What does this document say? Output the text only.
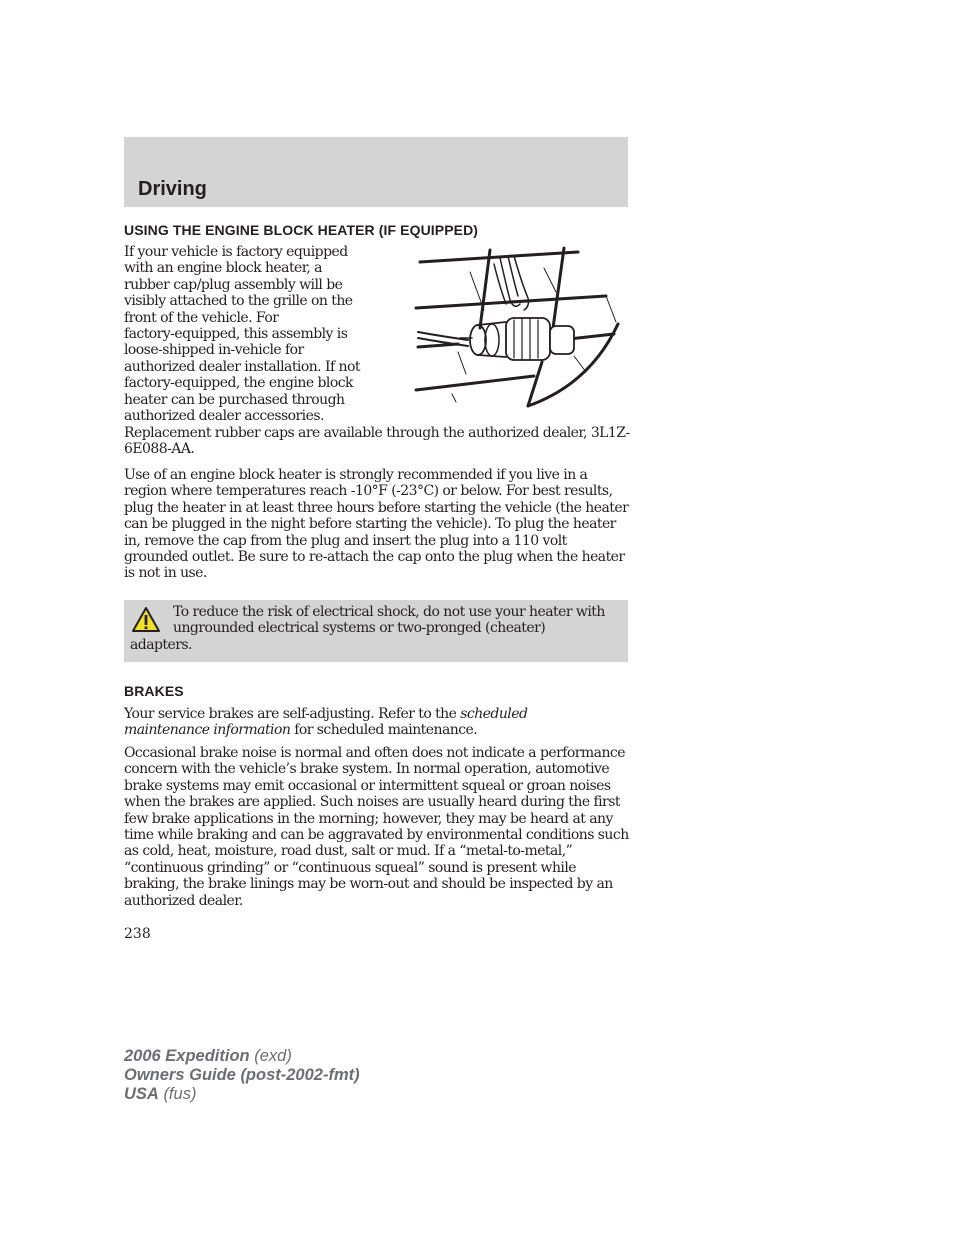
Driving
USING THE ENGINE BLOCK HEATER (IF EQUIPPED)

If your vehicle is factory equipped
with an engine block heater, a
rubber cap/plug assembly will be
visibly attached to the grille on the
front of the vehicle. For
factory-equipped, this assembly is
loose-shipped in-vehicle for
authorized dealer installation. If not
factory-equipped, the engine block
heater can be purchased through
authorized dealer accessories.

Replacement rubber caps are available through the authorized dealer, 3L1Z-6E088-AA.

Use of an engine block heater is strongly recommended if you live in a region where temperatures reach -10°F (-23°C) or below. For best results, plug the heater in at least three hours before starting the vehicle (the heater can be plugged in the night before starting the vehicle). To plug the heater in, remove the cap from the plug and insert the plug into a 110 volt grounded outlet. Be sure to re-attach the cap onto the plug when the heater is not in use.

To reduce the risk of electrical shock, do not use your heater with ungrounded electrical systems or two-pronged (cheater) adapters.

BRAKES

Your service brakes are self-adjusting. Refer to the scheduled maintenance information for scheduled maintenance.

Occasional brake noise is normal and often does not indicate a performance concern with the vehicle’s brake system. In normal operation, automotive brake systems may emit occasional or intermittent squeal or groan noises when the brakes are applied. Such noises are usually heard during the first few brake applications in the morning; however, they may be heard at any time while braking and can be aggravated by environmental conditions such as cold, heat, moisture, road dust, salt or mud. If a “metal-to-metal,” “continuous grinding” or “continuous squeal” sound is present while braking, the brake linings may be worn-out and should be inspected by an authorized dealer.

238

2006 Expedition (exd)
Owners Guide (post-2002-fmt)
USA (fus)
